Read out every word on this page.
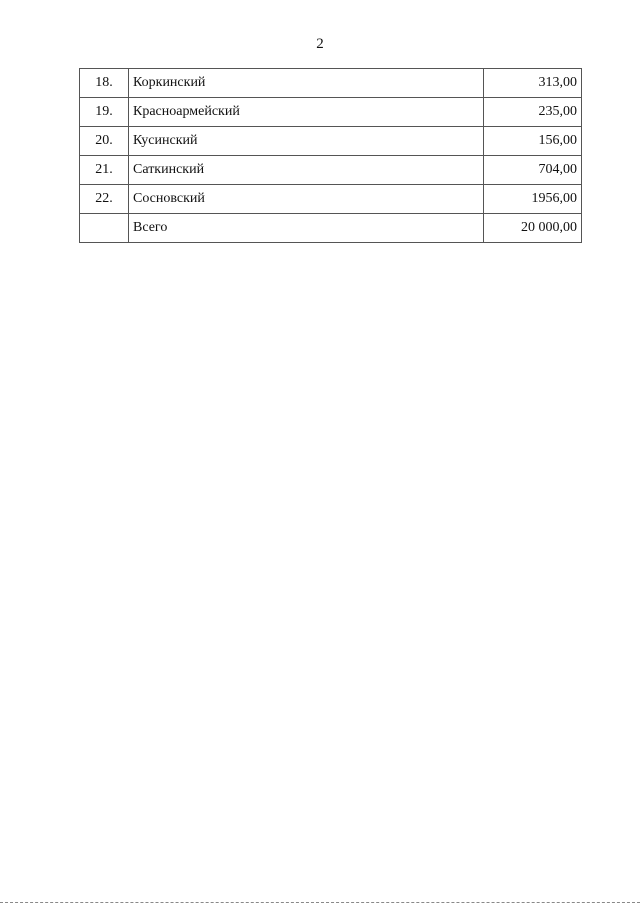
2
18.	Коркинский	313,00
19.	Красноармейский	235,00
20.	Кусинский	156,00
21.	Саткинский	704,00
22.	Сосновский	1956,00
	Всего	20 000,00
